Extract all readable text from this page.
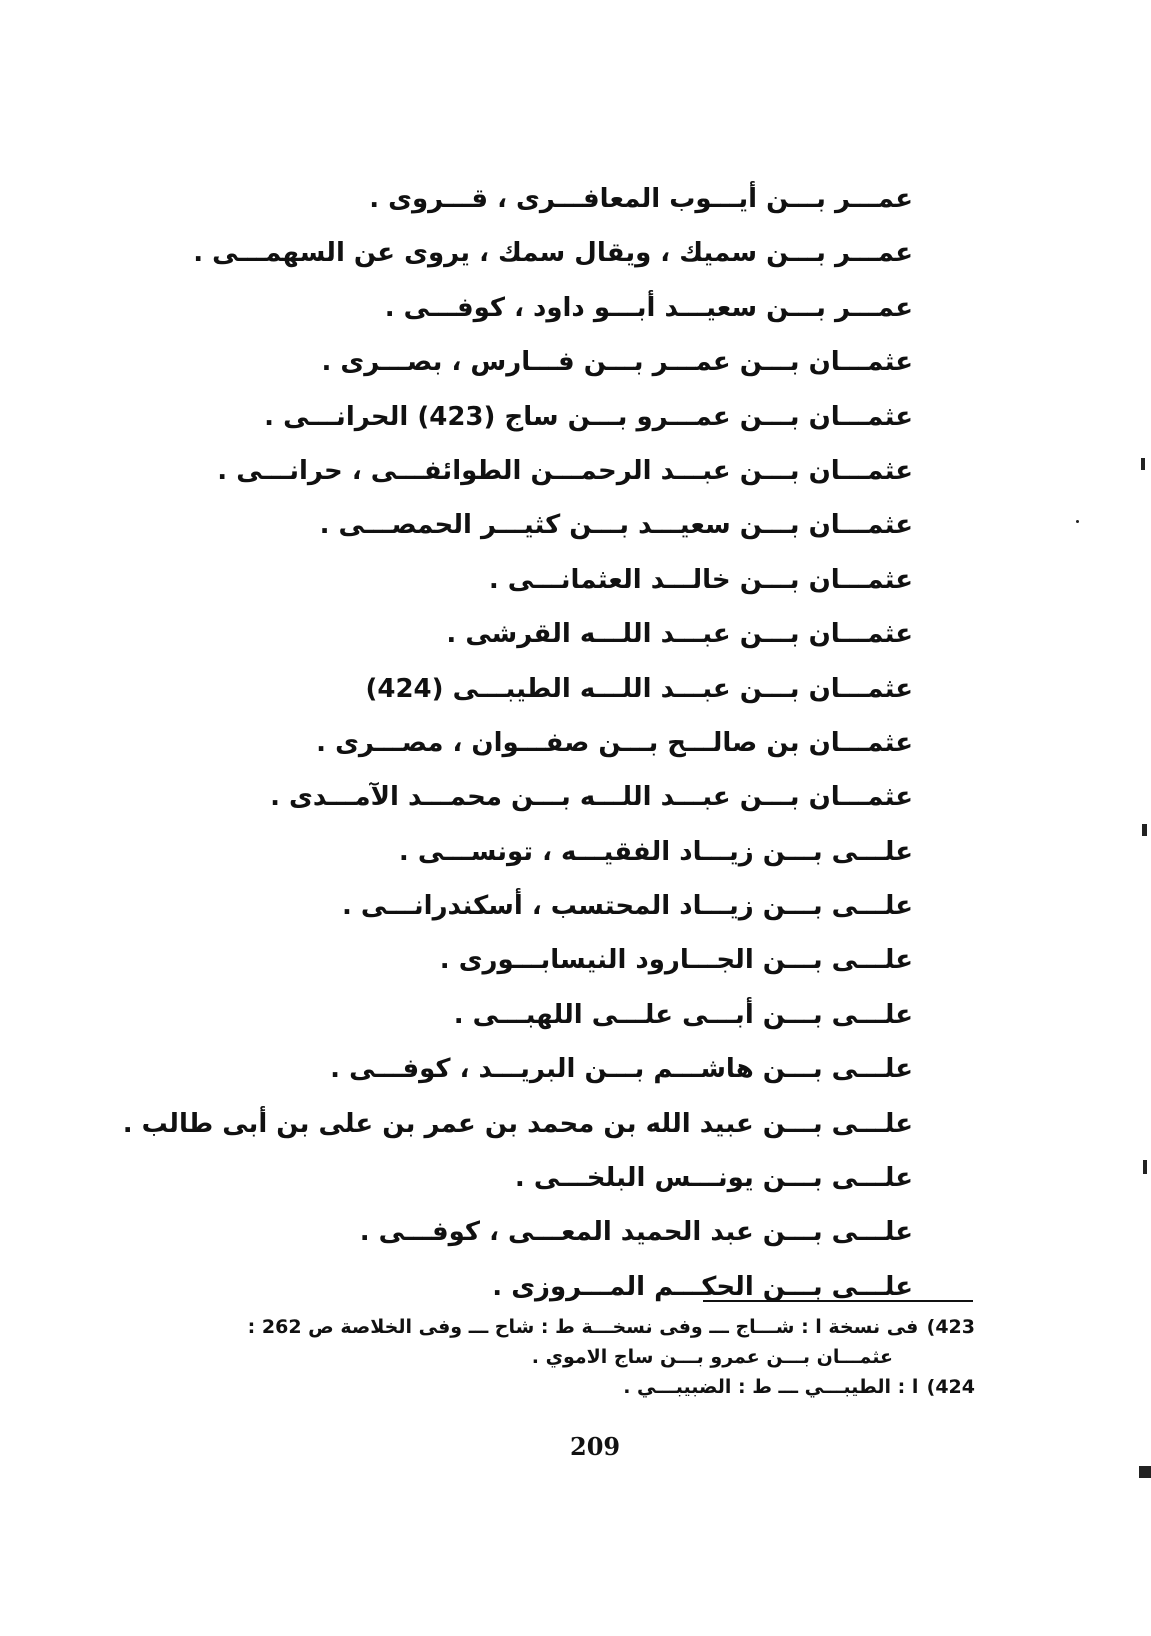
عمـــر بـــن أيـــوب المعافـــرى ، قـــروى .
عمـــر بـــن سميك ، ويقال سمك ، يروى عن السهمـــى .
عمـــر بـــن سعيـــد أبـــو داود ، كوفـــى .
عثمـــان بـــن عمـــر بـــن فـــارس ، بصـــرى .
عثمـــان بـــن عمـــرو بـــن ساج (423) الحرانـــى .
عثمـــان بـــن عبـــد الرحمـــن الطوائفـــى ، حرانـــى .
عثمـــان بـــن سعيـــد بـــن كثيـــر الحمصـــى .
عثمـــان بـــن خالـــد العثمانـــى .
عثمـــان بـــن عبـــد اللـــه القرشى .
عثمـــان بـــن عبـــد اللـــه الطيبـــى (424)
عثمـــان بن صالـــح بـــن صفـــوان ، مصـــرى .
عثمـــان بـــن عبـــد اللـــه بـــن محمـــد الآمـــدى .
علـــى بـــن زيـــاد الفقيـــه ، تونســـى .
علـــى بـــن زيـــاد المحتسب ، أسكندرانـــى .
علـــى بـــن الجـــارود النيسابـــورى .
علـــى بـــن أبـــى علـــى اللهبـــى .
علـــى بـــن هاشـــم بـــن البريـــد ، كوفـــى .
علـــى بـــن عبيد الله بن محمد بن عمر بن على بن أبى طالب .
علـــى بـــن يونـــس البلخـــى .
علـــى بـــن عبد الحميد المعـــى ، كوفـــى .
علـــى بـــن الحكـــم المـــروزى .
423) فى نسخة ا : شـــاج ـــ وفى نسخـــة ط : شاح ـــ وفى الخلاصة ص 262 :
عثمـــان بـــن عمرو بـــن ساج الاموي .
424) ا : الطيبـــي ـــ ط : الضبيبـــي .
209
